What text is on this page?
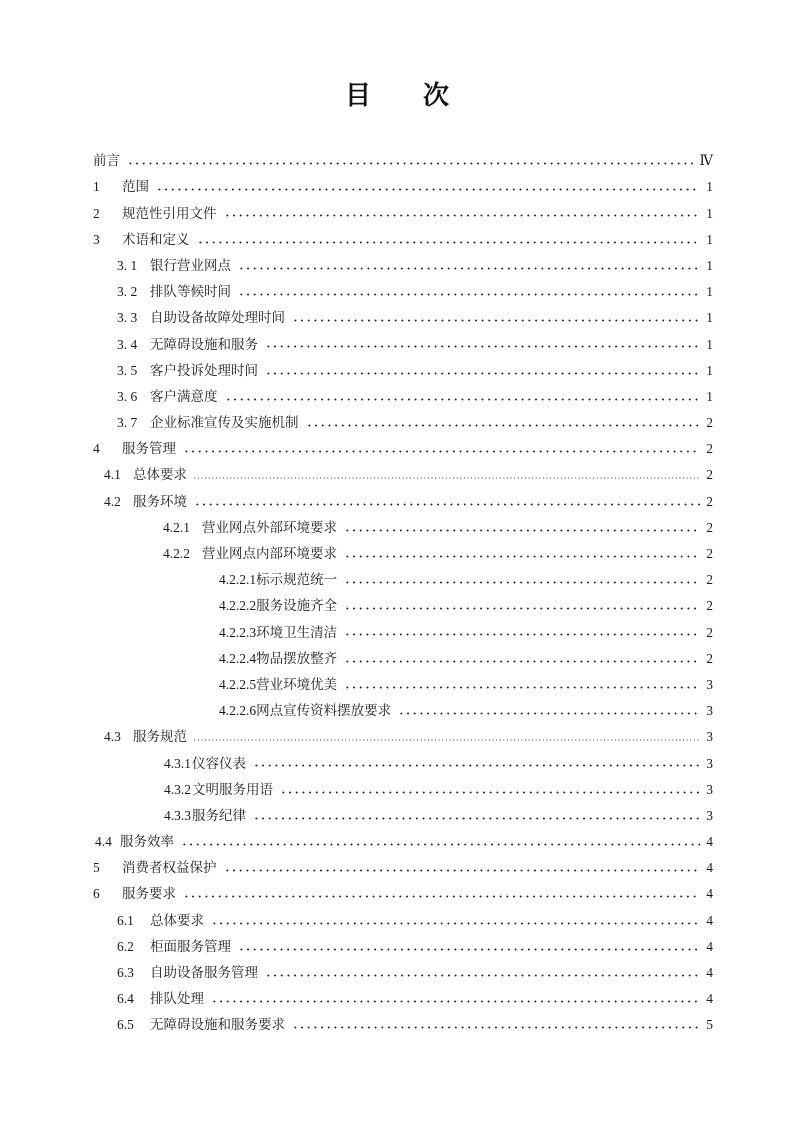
目　　次
前言	Ⅳ
1	范围	1
2	规范性引用文件	1
3	术语和定义	1
3. 1 银行营业网点	1
3. 2 排队等候时间	1
3. 3 自助设备故障处理时间	1
3. 4 无障碍设施和服务	1
3. 5 客户投诉处理时间	1
3. 6 客户满意度	1
3. 7 企业标准宣传及实施机制	2
4	服务管理	2
4.1 总体要求	2
4.2 服务环境	2
4.2.1 营业网点外部环境要求	2
4.2.2 营业网点内部环境要求	2
4.2.2.1 标示规范统一	2
4.2.2.2 服务设施齐全	2
4.2.2.3 环境卫生清洁	2
4.2.2.4 物品摆放整齐	2
4.2.2.5 营业环境优美	3
4.2.2.6 网点宣传资料摆放要求	3
4.3 服务规范	3
4.3.1 仪容仪表	3
4.3.2 文明服务用语	3
4.3.3 服务纪律	3
4.4 服务效率	4
5	消费者权益保护	4
6	服务要求	4
6.1	总体要求	4
6.2	柜面服务管理	4
6.3	自助设备服务管理	4
6.4	排队处理	4
6.5	无障碍设施和服务要求	5
